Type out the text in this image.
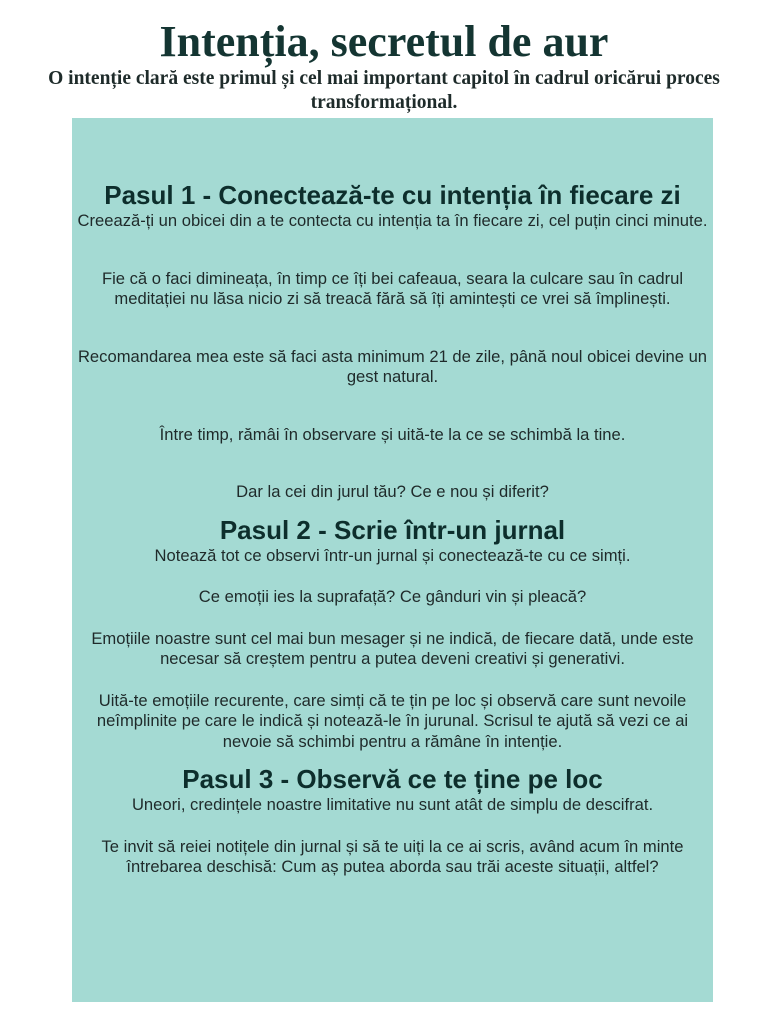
Intenția, secretul de aur

O intenție clară este primul și cel mai important capitol în cadrul oricărui proces transformațional.

Pasul 1 - Conectează-te cu intenția în fiecare zi

Creează-ți un obicei din a te contecta cu intenția ta în fiecare zi, cel puțin cinci minute.

Fie că o faci dimineața, în timp ce îți bei cafeaua, seara la culcare sau în cadrul meditației nu lăsa nicio zi să treacă fără să îți amintești ce vrei să împlinești.

Recomandarea mea este să faci asta minimum 21 de zile, până noul obicei devine un gest natural.

Între timp, rămâi în observare și uită-te la ce se schimbă la tine.

Dar la cei din jurul tău? Ce e nou și diferit?

Pasul 2 - Scrie într-un jurnal

Notează tot ce observi într-un jurnal și conectează-te cu ce simți.

Ce emoții ies la suprafață? Ce gânduri vin și pleacă?

Emoțiile noastre sunt cel mai bun mesager și ne indică, de fiecare dată, unde este necesar să creștem pentru a putea deveni creativi și generativi.

Uită-te emoțiile recurente, care simți că te țin pe loc și observă care sunt nevoile neîmplinite pe care le indică și notează-le în jurunal. Scrisul te ajută să vezi ce ai nevoie să schimbi pentru a rămâne în intenție.

Pasul 3 - Observă ce te ține pe loc

Uneori, credințele noastre limitative nu sunt atât de simplu de descifrat.

Te invit să reiei notițele din jurnal și să te uiți la ce ai scris, având acum în minte întrebarea deschisă: Cum aș putea aborda sau trăi aceste situații, altfel?
